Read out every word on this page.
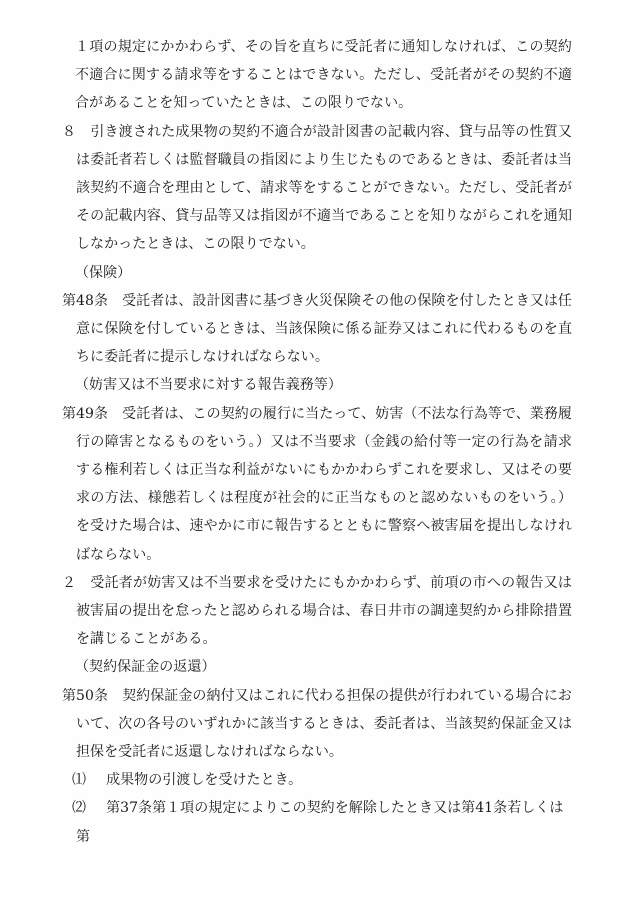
１項の規定にかかわらず、その旨を直ちに受託者に通知しなければ、この契約不適合に関する請求等をすることはできない。ただし、受託者がその契約不適合があることを知っていたときは、この限りでない。

８　 引き渡された成果物の契約不適合が設計図書の記載内容、貸与品等の性質又は委託者若しくは監督職員の指図により生じたものであるときは、委託者は当該契約不適合を理由として、請求等をすることができない。ただし、受託者がその記載内容、貸与品等又は指図が不適当であることを知りながらこれを通知しなかったときは、この限りでない。

（保険）

第48条　 受託者は、設計図書に基づき火災保険その他の保険を付したとき又は任意に保険を付しているときは、当該保険に係る証券又はこれに代わるものを直ちに委託者に提示しなければならない。

（妨害又は不当要求に対する報告義務等）

第49条　 受託者は、この契約の履行に当たって、妨害（不法な行為等で、業務履行の障害となるものをいう。）又は不当要求（金銭の給付等一定の行為を請求する権利若しくは正当な利益がないにもかかわらずこれを要求し、又はその要求の方法、様態若しくは程度が社会的に正当なものと認めないものをいう。）を受けた場合は、速やかに市に報告するとともに警察へ被害届を提出しなければならない。

２　 受託者が妨害又は不当要求を受けたにもかかわらず、前項の市への報告又は被害届の提出を怠ったと認められる場合は、春日井市の調達契約から排除措置を講じることがある。

（契約保証金の返還）

第50条　 契約保証金の納付又はこれに代わる担保の提供が行われている場合において、次の各号のいずれかに該当するときは、委託者は、当該契約保証金又は担保を受託者に返還しなければならない。

⑴　 成果物の引渡しを受けたとき。

⑵　 第37条第１項の規定によりこの契約を解除したとき又は第41条若しくは第
